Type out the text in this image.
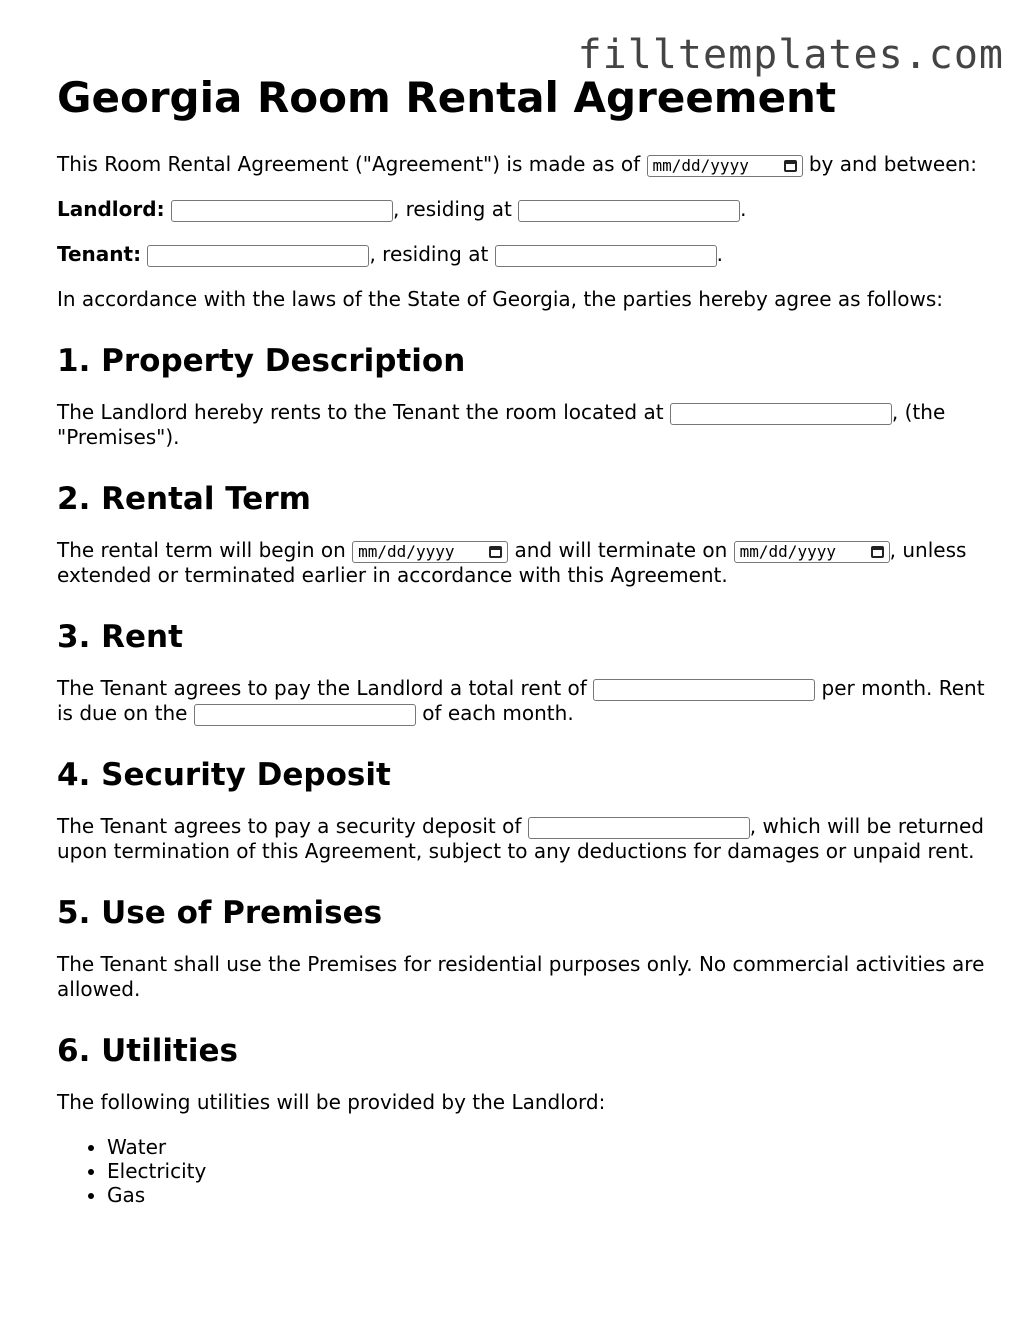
filltemplates.com
Georgia Room Rental Agreement

This Room Rental Agreement ("Agreement") is made as of mm/dd/yyyy	by and between:

Landlord:	, residing at	.

Tenant:	, residing at	.

In accordance with the laws of the State of Georgia, the parties hereby agree as follows:

1. Property Description

The Landlord hereby rents to the Tenant the room located at	, (the "Premises").

2. Rental Term

The rental term will begin on mm/dd/yyyy	and will terminate on mm/dd/yyyy	, unless extended or terminated earlier in accordance with this Agreement.

3. Rent

The Tenant agrees to pay the Landlord a total rent of	per month. Rent is due on the	of each month.

4. Security Deposit

The Tenant agrees to pay a security deposit of	, which will be returned upon termination of this Agreement, subject to any deductions for damages or unpaid rent.

5. Use of Premises

The Tenant shall use the Premises for residential purposes only. No commercial activities are allowed.

6. Utilities

The following utilities will be provided by the Landlord:

• Water
• Electricity
• Gas
